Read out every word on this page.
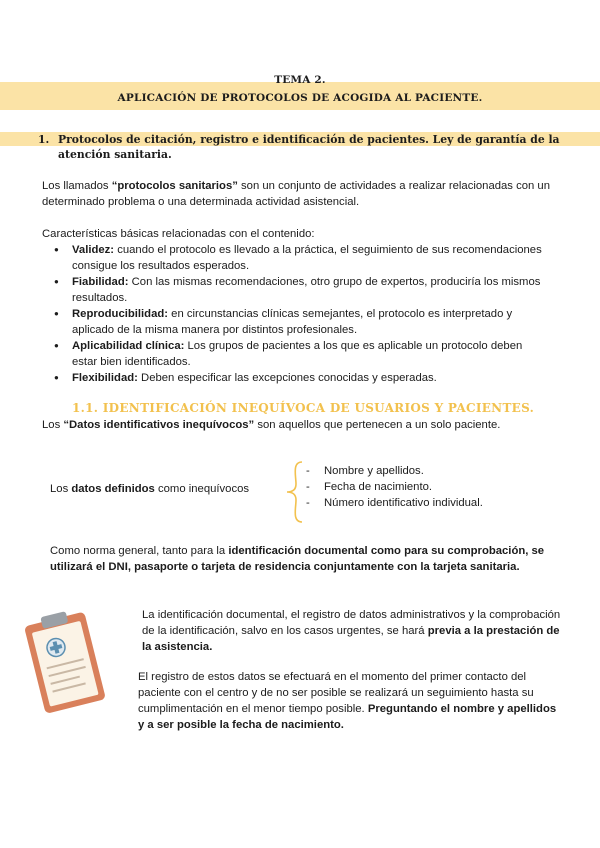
TEMA 2.
APLICACIÓN DE PROTOCOLOS DE ACOGIDA AL PACIENTE.
1. Protocolos de citación, registro e identificación de pacientes. Ley de garantía de la atención sanitaria.
Los llamados “protocolos sanitarios” son un conjunto de actividades a realizar relacionadas con un determinado problema o una determinada actividad asistencial.
Características básicas relacionadas con el contenido:
● Validez: cuando el protocolo es llevado a la práctica, el seguimiento de sus recomendaciones consigue los resultados esperados.
● Fiabilidad: Con las mismas recomendaciones, otro grupo de expertos, produciría los mismos resultados.
● Reproducibilidad: en circunstancias clínicas semejantes, el protocolo es interpretado y aplicado de la misma manera por distintos profesionales.
● Aplicabilidad clínica: Los grupos de pacientes a los que es aplicable un protocolo deben estar bien identificados.
● Flexibilidad: Deben especificar las excepciones conocidas y esperadas.
1.1. IDENTIFICACIÓN INEQUÍVOCA DE USUARIOS Y PACIENTES.
Los “Datos identificativos inequívocos” son aquellos que pertenecen a un solo paciente.
Los datos definidos como inequívocos
- Nombre y apellidos.
- Fecha de nacimiento.
- Número identificativo individual.
Como norma general, tanto para la identificación documental como para su comprobación, se utilizará el DNI, pasaporte o tarjeta de residencia conjuntamente con la tarjeta sanitaria.
La identificación documental, el registro de datos administrativos y la comprobación de la identificación, salvo en los casos urgentes, se hará previa a la prestación de la asistencia.
El registro de estos datos se efectuará en el momento del primer contacto del paciente con el centro y de no ser posible se realizará un seguimiento hasta su cumplimentación en el menor tiempo posible. Preguntando el nombre y apellidos y a ser posible la fecha de nacimiento.
